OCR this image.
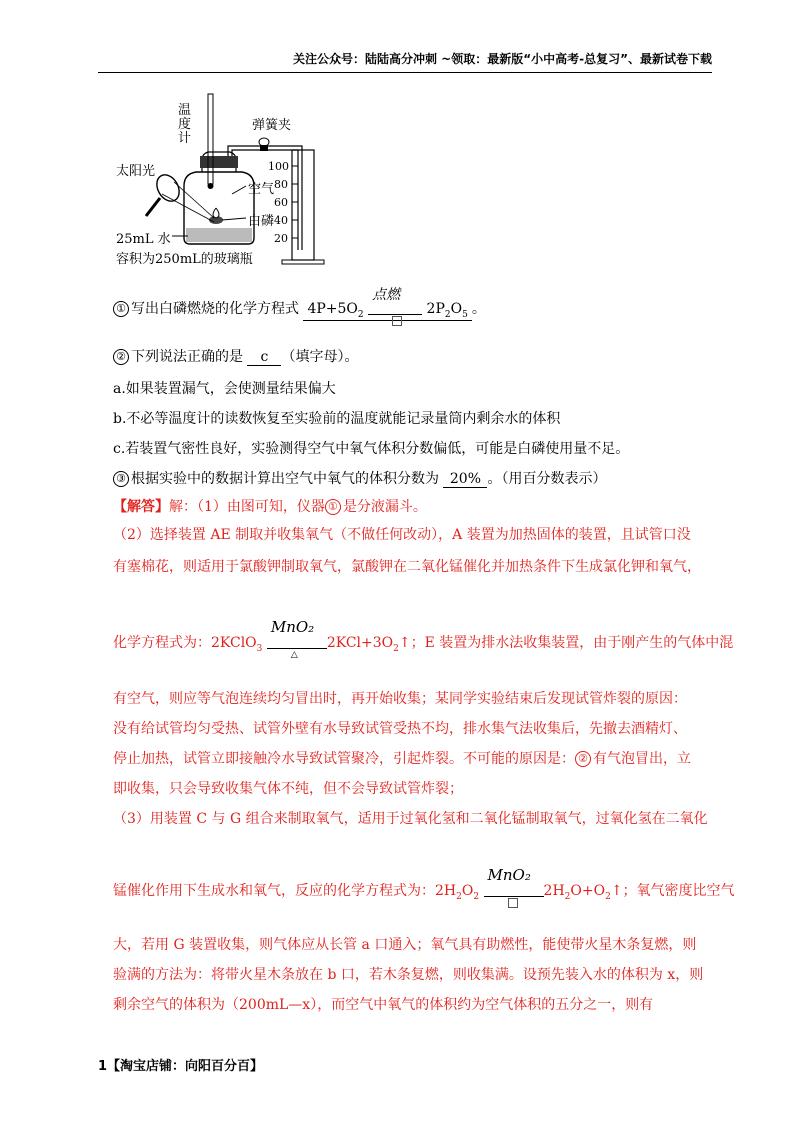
关注公众号：陆陆高分冲刺 ~领取：最新版“小中高考-总复习”、最新试卷下载
温
度
计
弹簧夹
太阳光
空气
白磷
25mL 水
容积为250mL的玻璃瓶
100
80
60
40
20
① 写出白磷燃烧的化学方程式 $4P+5O_2$
点燃
$2P_2O_5$ 。
② 下列说法正确的是 c （填字母）。
a.如果装置漏气，会使测量结果偏大
b.不必等温度计的读数恢复至实验前的温度就能记录量筒内剩余水的体积
c.若装置气密性良好，实验测得空气中氧气体积分数偏低，可能是白磷使用量不足。
③ 根据实验中的数据计算出空气中氧气的体积分数为 20% 。（用百分数表示）
【解答】解：（1）由图可知，仪器 ① 是分液漏斗。
（2）选择装置 AE 制取并收集氧气（不做任何改动），A 装置为加热固体的装置，且试管口没
有塞棉花，则适用于氯酸钾制取氧气，氯酸钾在二氧化锰催化并加热条件下生成氯化钾和氧气，
化学方程式为：2KClO$_3$
MnO₂
△
$2KCl+3O_2↑$；E 装置为排水法收集装置，由于刚产生的气体中混
有空气，则应等气泡连续均匀冒出时，再开始收集；某同学实验结束后发现试管炸裂的原因：
没有给试管均匀受热、试管外壁有水导致试管受热不均，排水集气法收集后，先撤去酒精灯、
停止加热，试管立即接触冷水导致试管聚冷，引起炸裂。不可能的原因是： ② 有气泡冒出，立
即收集，只会导致收集气体不纯，但不会导致试管炸裂；
（3）用装置 C 与 G 组合来制取氧气，适用于过氧化氢和二氧化锰制取氧气，过氧化氢在二氧化
锰催化作用下生成水和氧气，反应的化学方程式为：$2H_2O_2$
MnO₂
$2H_2O+O_2↑$；氧气密度比空气
大，若用 G 装置收集，则气体应从长管 a 口通入；氧气具有助燃性，能使带火星木条复燃，则
验满的方法为：将带火星木条放在 b 口，若木条复燃，则收集满。设预先装入水的体积为 x，则
剩余空气的体积为（200mL—x），而空气中氧气的体积约为空气体积的五分之一，则有
1【淘宝店铺：向阳百分百】
